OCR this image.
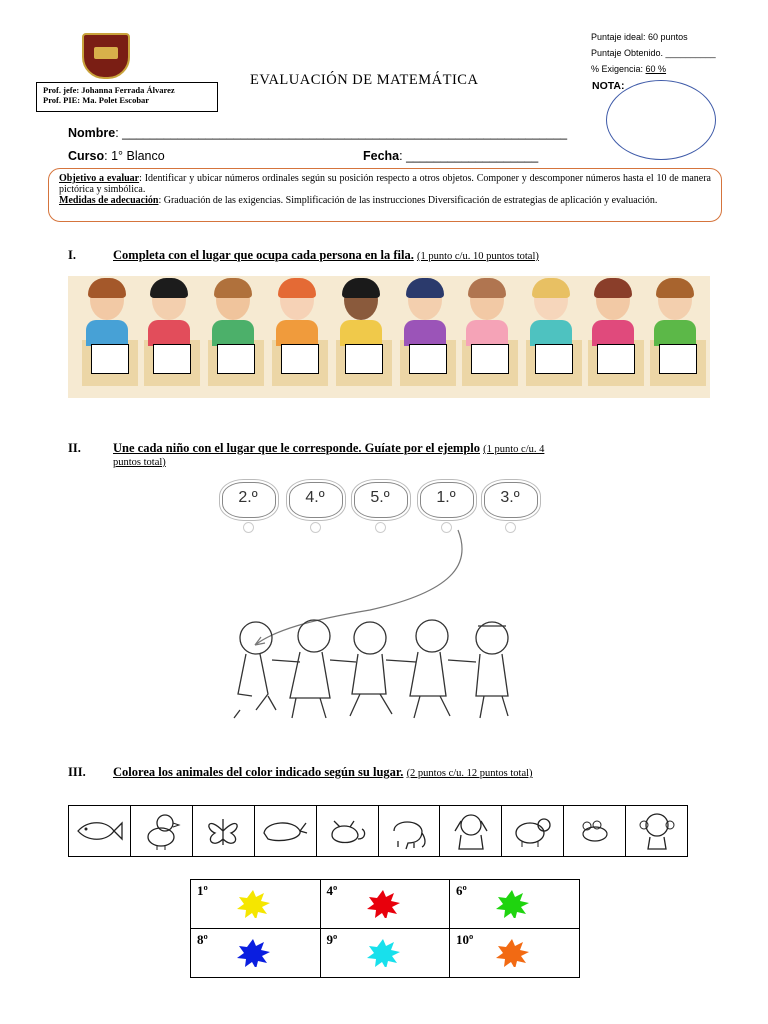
Prof. jefe: Johanna Ferrada Álvarez
Prof. PIE: Ma. Polet Escobar
EVALUACIÓN DE MATEMÁTICA
Puntaje ideal: 60 puntos
Puntaje Obtenido. __________
% Exigencia: 60 %
NOTA:
Nombre: ________________________________________________________________
Curso: 1° Blanco	Fecha: ___________________
Objetivo a evaluar: Identificar y ubicar números ordinales según su posición respecto a otros objetos. Componer y descomponer números hasta el 10 de manera pictórica y simbólica.
Medidas de adecuación: Graduación de las exigencias. Simplificación de las instrucciones Diversificación de estrategias de aplicación y evaluación.
I.	Completa con el lugar que ocupa cada persona en la fila. (1 punto c/u. 10 puntos total)
II.	Une cada niño con el lugar que le corresponde. Guíate por el ejemplo (1 punto c/u. 4
puntos total)
2.º	4.º	5.º	1.º	3.º
III. Colorea los animales del color indicado según su lugar. (2 puntos c/u. 12 puntos total)
1º	4º	6º

8º	9º	10º
